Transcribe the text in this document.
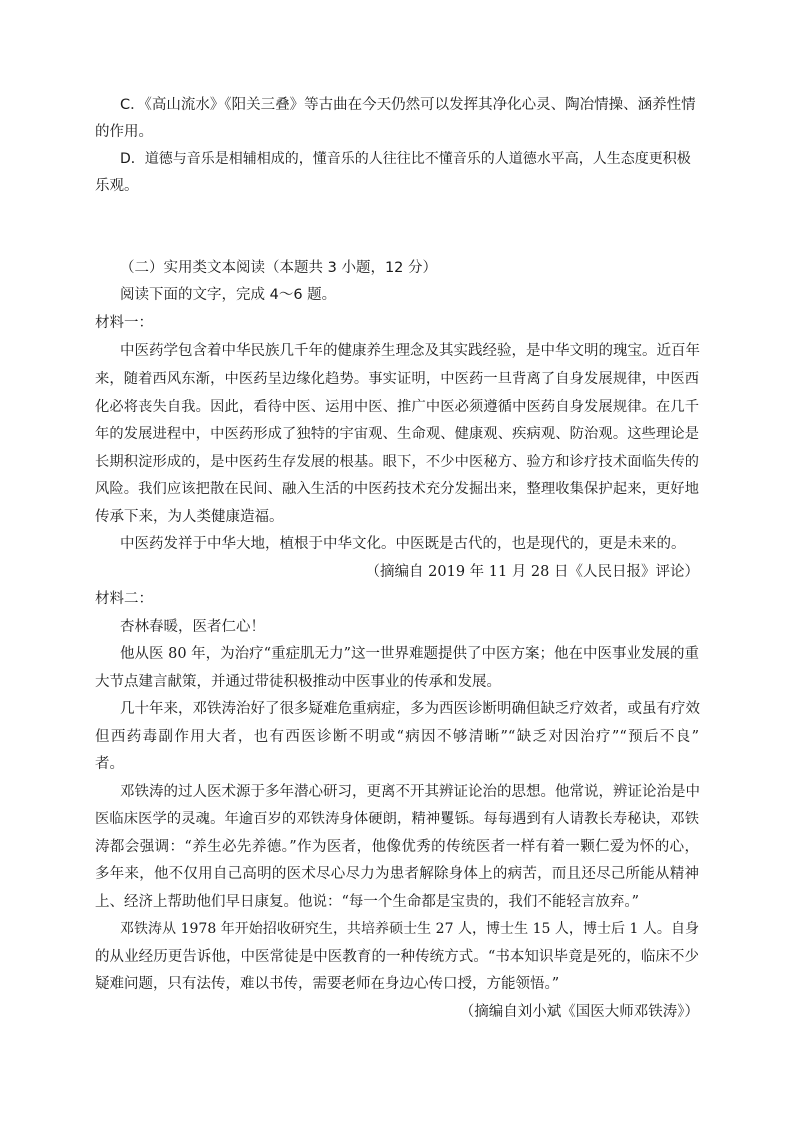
C．《高山流水》《阳关三叠》等古曲在今天仍然可以发挥其净化心灵、陶冶情操、涵养性情
的作用。
D．道德与音乐是相辅相成的，懂音乐的人往往比不懂音乐的人道德水平高，人生态度更积极
乐观。
（二）实用类文本阅读（本题共 3 小题，12 分）
阅读下面的文字，完成 4～6 题。
材料一：
中医药学包含着中华民族几千年的健康养生理念及其实践经验，是中华文明的瑰宝。近百年
来，随着西风东渐，中医药呈边缘化趋势。事实证明，中医药一旦背离了自身发展规律，中医西
化必将丧失自我。因此，看待中医、运用中医、推广中医必须遵循中医药自身发展规律。在几千
年的发展进程中，中医药形成了独特的宇宙观、生命观、健康观、疾病观、防治观。这些理论是
长期积淀形成的，是中医药生存发展的根基。眼下，不少中医秘方、验方和诊疗技术面临失传的
风险。我们应该把散在民间、融入生活的中医药技术充分发掘出来，整理收集保护起来，更好地
传承下来，为人类健康造福。
中医药发祥于中华大地，植根于中华文化。中医既是古代的，也是现代的，更是未来的。
（摘编自 2019 年 11 月 28 日《人民日报》评论）
材料二：
杏林春暖，医者仁心！
他从医 80 年，为治疗“重症肌无力”这一世界难题提供了中医方案；他在中医事业发展的重
大节点建言献策，并通过带徒积极推动中医事业的传承和发展。
几十年来，邓铁涛治好了很多疑难危重病症，多为西医诊断明确但缺乏疗效者，或虽有疗效
但西药毒副作用大者，也有西医诊断不明或“病因不够清晰”“缺乏对因治疗”“预后不良”
者。
邓铁涛的过人医术源于多年潜心研习，更离不开其辨证论治的思想。他常说，辨证论治是中
医临床医学的灵魂。年逾百岁的邓铁涛身体硬朗，精神矍铄。每每遇到有人请教长寿秘诀，邓铁
涛都会强调：“养生必先养德。”作为医者，他像优秀的传统医者一样有着一颗仁爱为怀的心，
多年来，他不仅用自己高明的医术尽心尽力为患者解除身体上的病苦，而且还尽己所能从精神
上、经济上帮助他们早日康复。他说：“每一个生命都是宝贵的，我们不能轻言放弃。”
邓铁涛从 1978 年开始招收研究生，共培养硕士生 27 人，博士生 15 人，博士后 1 人。自身
的从业经历更告诉他，中医常徒是中医教育的一种传统方式。“书本知识毕竟是死的，临床不少
疑难问题，只有法传，难以书传，需要老师在身边心传口授，方能领悟。”
（摘编自刘小斌《国医大师邓铁涛》）
